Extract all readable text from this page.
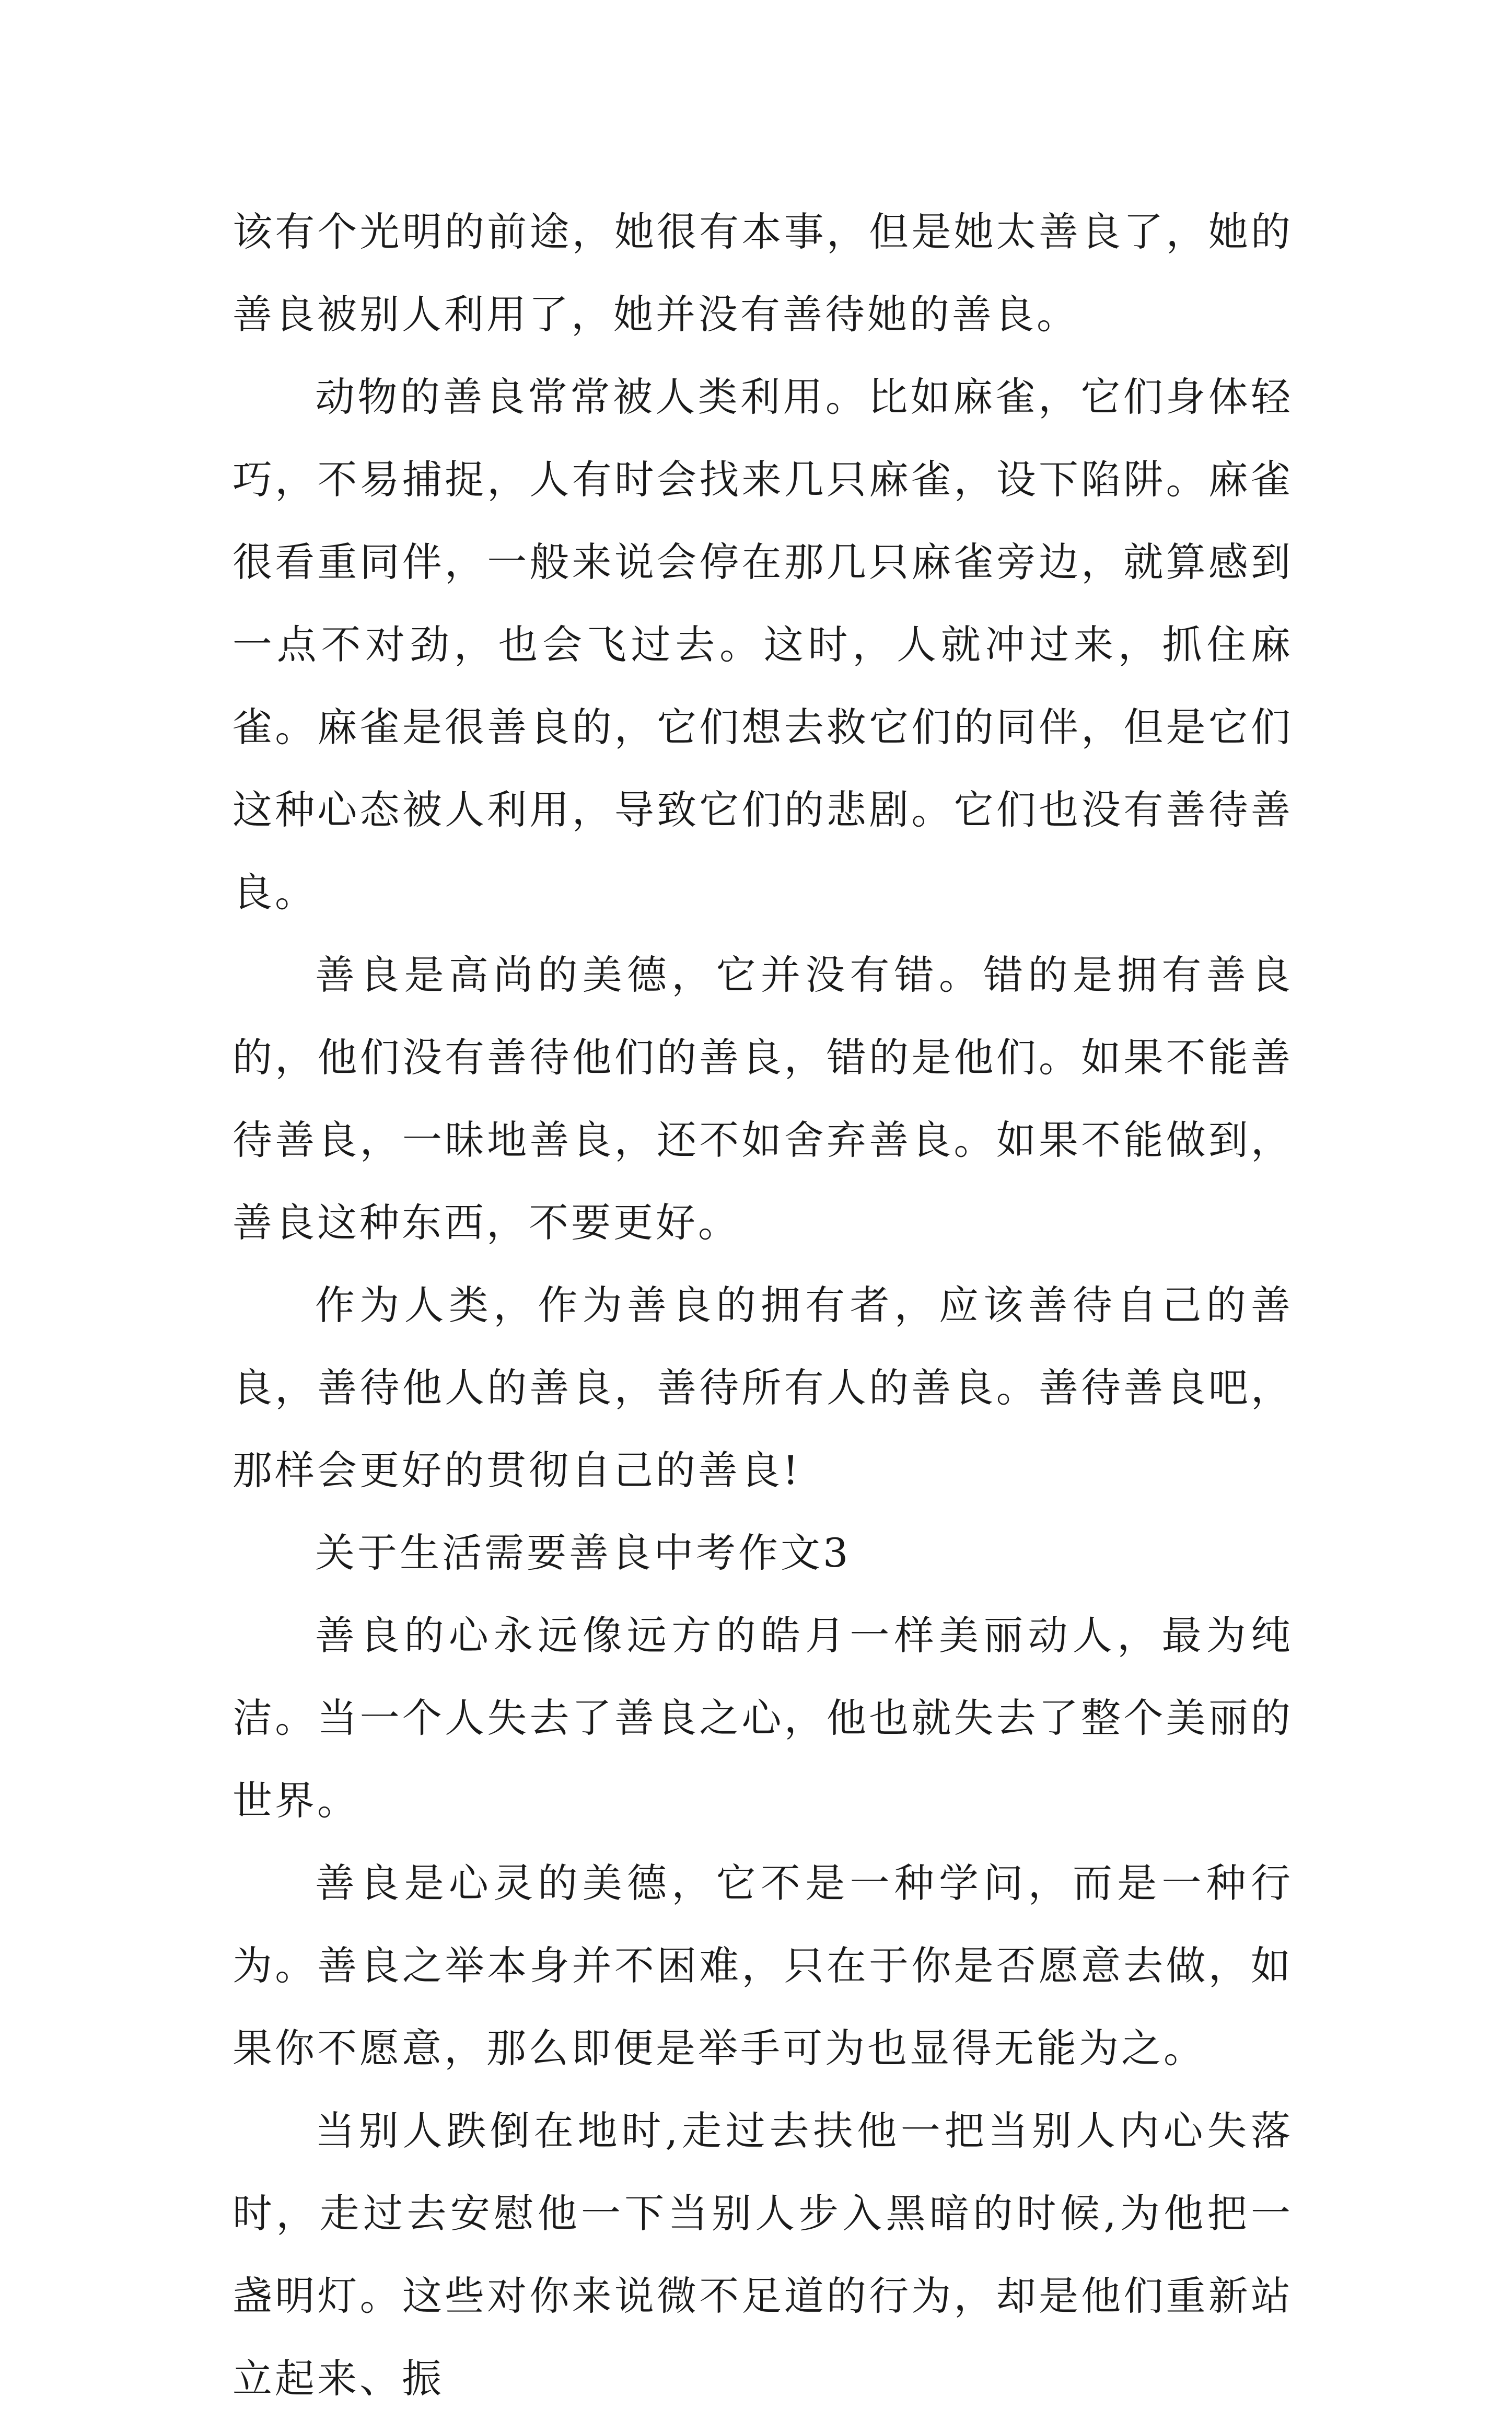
该有个光明的前途，她很有本事，但是她太善良了，她的善良被别人利用了，她并没有善待她的善良。

动物的善良常常被人类利用。比如麻雀，它们身体轻巧，不易捕捉，人有时会找来几只麻雀，设下陷阱。麻雀很看重同伴，一般来说会停在那几只麻雀旁边，就算感到一点不对劲，也会飞过去。这时，人就冲过来，抓住麻雀。麻雀是很善良的，它们想去救它们的同伴，但是它们这种心态被人利用，导致它们的悲剧。它们也没有善待善良。

善良是高尚的美德，它并没有错。错的是拥有善良的，他们没有善待他们的善良，错的是他们。如果不能善待善良，一昧地善良，还不如舍弃善良。如果不能做到，善良这种东西，不要更好。

作为人类，作为善良的拥有者，应该善待自己的善良，善待他人的善良，善待所有人的善良。善待善良吧，那样会更好的贯彻自己的善良!

关于生活需要善良中考作文3

善良的心永远像远方的皓月一样美丽动人，最为纯洁。当一个人失去了善良之心，他也就失去了整个美丽的世界。

善良是心灵的美德，它不是一种学问，而是一种行为。善良之举本身并不困难，只在于你是否愿意去做，如果你不愿意，那么即便是举手可为也显得无能为之。

当别人跌倒在地时,走过去扶他一把当别人内心失落时，走过去安慰他一下当别人步入黑暗的时候,为他把一盏明灯。这些对你来说微不足道的行为，却是他们重新站立起来、振
